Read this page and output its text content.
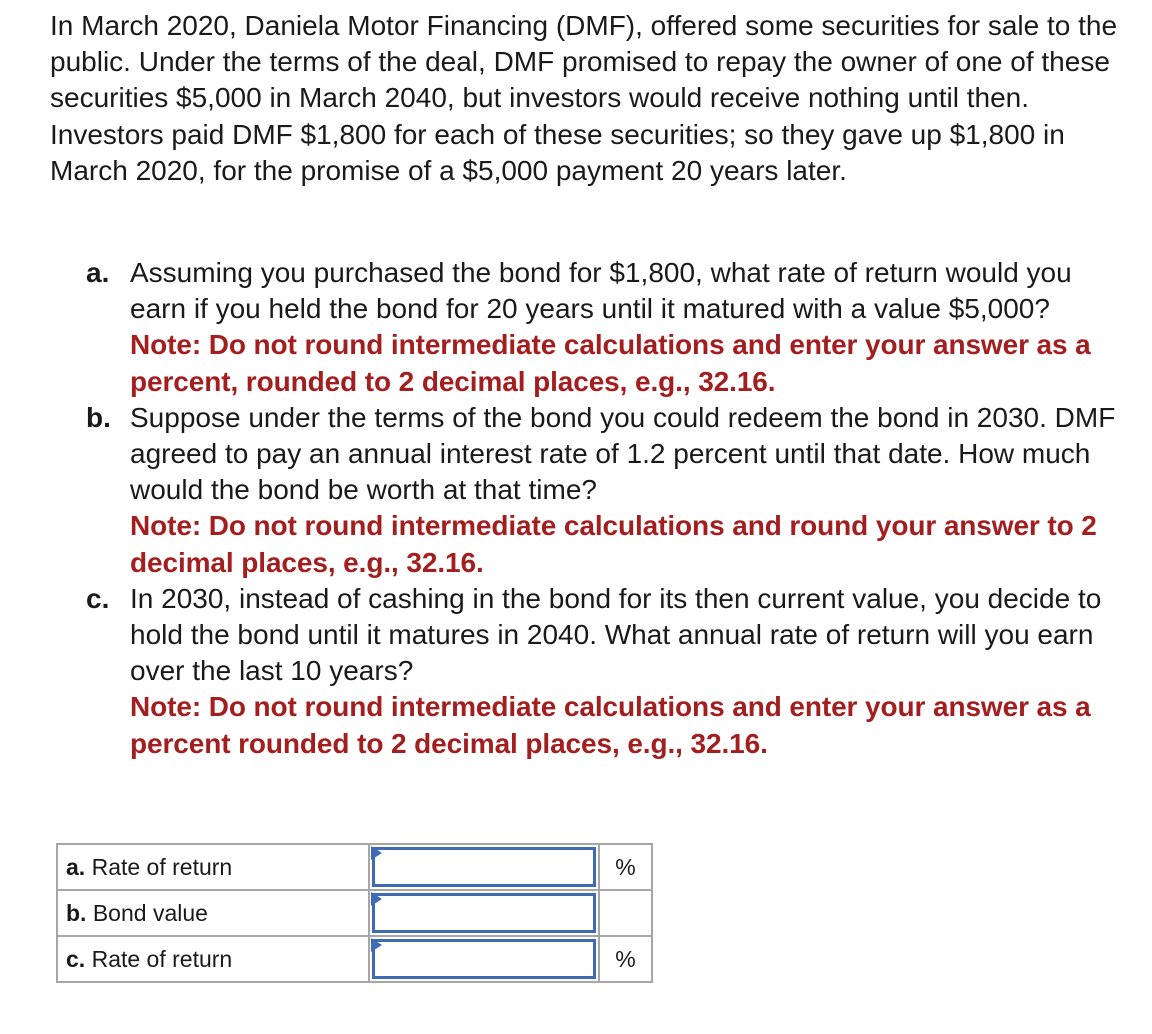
In March 2020, Daniela Motor Financing (DMF), offered some securities for sale to the public. Under the terms of the deal, DMF promised to repay the owner of one of these securities $5,000 in March 2040, but investors would receive nothing until then. Investors paid DMF $1,800 for each of these securities; so they gave up $1,800 in March 2020, for the promise of a $5,000 payment 20 years later.

a. Assuming you purchased the bond for $1,800, what rate of return would you earn if you held the bond for 20 years until it matured with a value $5,000?
Note: Do not round intermediate calculations and enter your answer as a percent, rounded to 2 decimal places, e.g., 32.16.
b. Suppose under the terms of the bond you could redeem the bond in 2030. DMF agreed to pay an annual interest rate of 1.2 percent until that date. How much would the bond be worth at that time?
Note: Do not round intermediate calculations and round your answer to 2 decimal places, e.g., 32.16.
c. In 2030, instead of cashing in the bond for its then current value, you decide to hold the bond until it matures in 2040. What annual rate of return will you earn over the last 10 years?
Note: Do not round intermediate calculations and enter your answer as a percent rounded to 2 decimal places, e.g., 32.16.
a. Rate of return		%
b. Bond value	

c. Rate of return		%
